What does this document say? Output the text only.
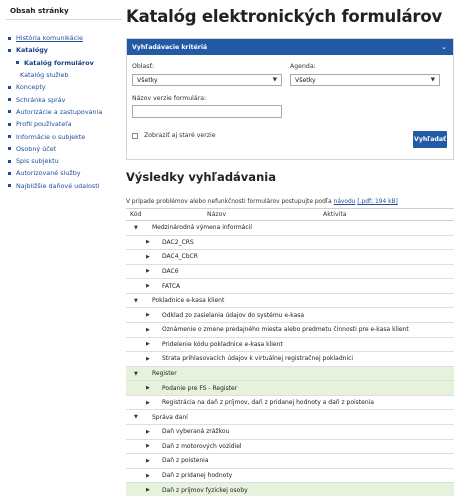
Obsah stránky
História komunikácie
Katalógy
Katalóg formulárov
Katalóg služieb
Koncepty
Schránka správ
Autorizácie a zastupovania
Profil používateľa
Informácie o subjekte
Osobný účet
Spis subjektu
Autorizované služby
Najbližšie daňové udalosti
Katalóg elektronických formulárov
Vyhľadávacie kritériá	⌄
Oblasť:
Všetky	▼
Agenda:
Všetky	▼
Názov verzie formulára:
Zobraziť aj staré verzie
Vyhľadať
Výsledky vyhľadávania

V prípade problémov alebo nefunkčnosti formulárov postupujte podľa návodu [.pdf; 194 kB]

Kód	Názov	Aktivita
▼	Medzinárodná výmena informácií
▶	DAC2_CRS
▶	DAC4_CbCR
▶	DAC6
▶	FATCA
▼	Pokladnice e-kasa klient
▶	Odklad zo zasielania údajov do systému e-kasa
▶	Oznámenie o zmene predajného miesta alebo predmetu činnosti pre e-kasa klient
▶	Pridelenie kódu pokladnice e-kasa klient
▶	Strata prihlasovacích údajov k virtuálnej registračnej pokladnici
▼	Register
▶	Podanie pre FS - Register
▶	Registrácia na daň z príjmov, daň z pridanej hodnoty a daň z poistenia
▼	Správa daní
▶	Daň vyberaná zrážkou
▶	Daň z motorových vozidiel
▶	Daň z poistenia
▶	Daň z pridanej hodnoty
▶	Daň z príjmov fyzickej osoby
